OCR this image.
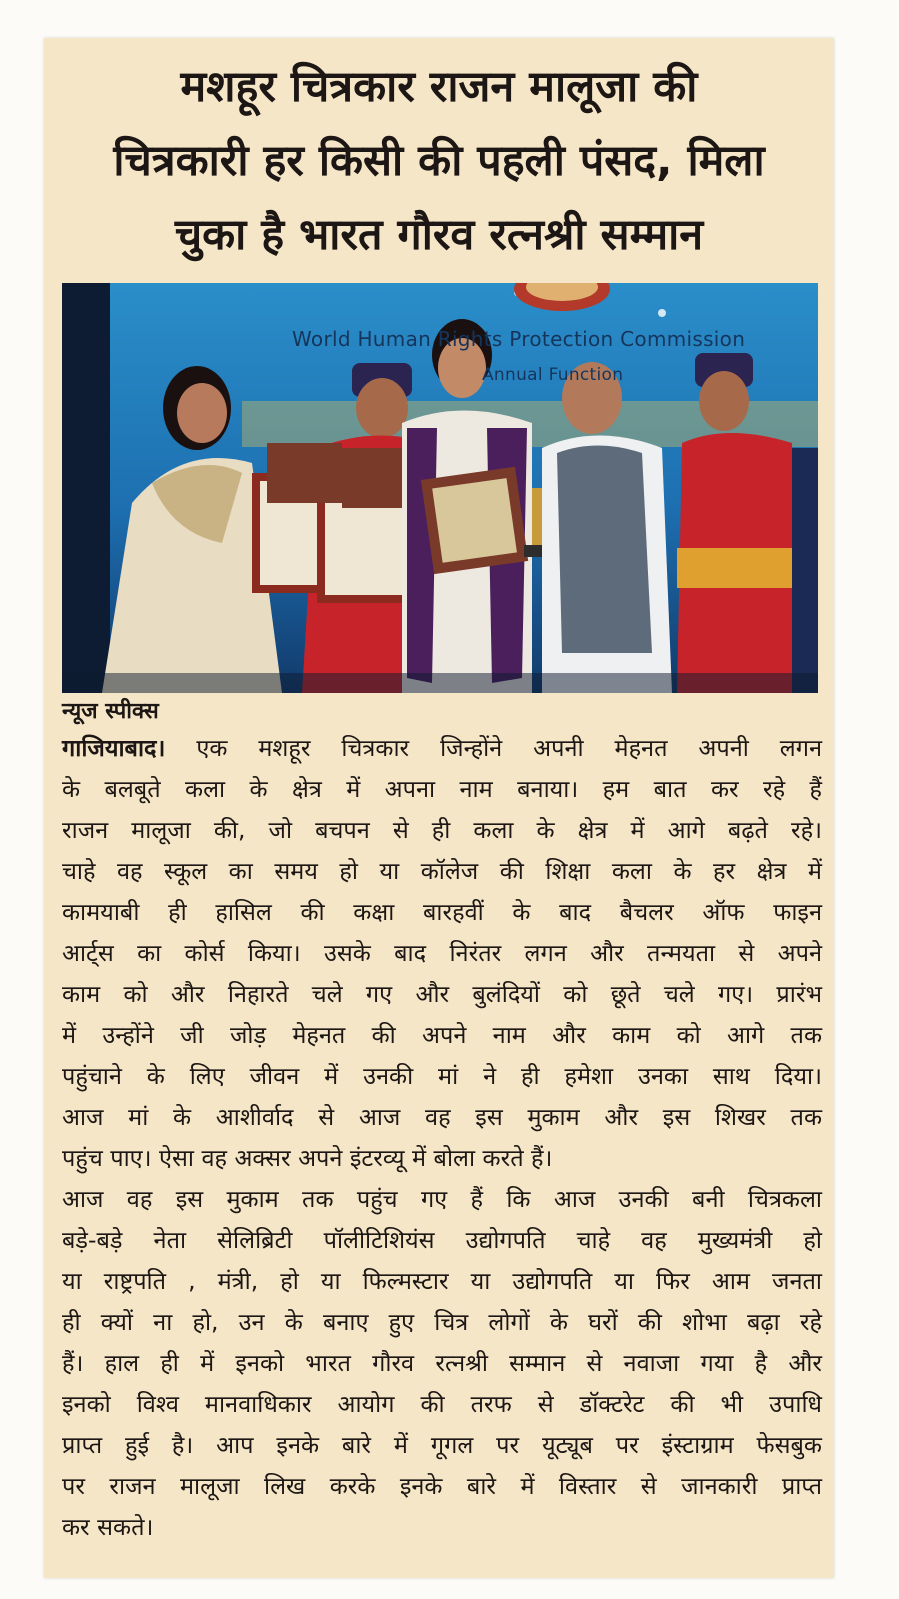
मशहूर चित्रकार राजन मालूजा की
चित्रकारी हर किसी की पहली पंसद, मिला
चुका है भारत गौरव रत्नश्री सम्मान
World Human Rights Protection Commission
Annual Function

न्यूज स्पीक्स

गाजियाबाद। एक मशहूर चित्रकार जिन्होंने अपनी मेहनत अपनी लगन
के बलबूते कला के क्षेत्र में अपना नाम बनाया। हम बात कर रहे हैं
राजन मालूजा की, जो बचपन से ही कला के क्षेत्र में आगे बढ़ते रहे।
चाहे वह स्कूल का समय हो या कॉलेज की शिक्षा कला के हर क्षेत्र में
कामयाबी ही हासिल की कक्षा बारहवीं के बाद बैचलर ऑफ फाइन
आर्ट्स का कोर्स किया। उसके बाद निरंतर लगन और तन्मयता से अपने
काम को और निहारते चले गए और बुलंदियों को छूते चले गए। प्रारंभ
में उन्होंने जी जोड़ मेहनत की अपने नाम और काम को आगे तक
पहुंचाने के लिए जीवन में उनकी मां ने ही हमेशा उनका साथ दिया।
आज मां के आशीर्वाद से आज वह इस मुकाम और इस शिखर तक
पहुंच पाए। ऐसा वह अक्सर अपने इंटरव्यू में बोला करते हैं।
आज वह इस मुकाम तक पहुंच गए हैं कि आज उनकी बनी चित्रकला
बड़े-बड़े नेता सेलिब्रिटी पॉलीटिशियंस उद्योगपति चाहे वह मुख्यमंत्री हो
या राष्ट्रपति , मंत्री, हो या फिल्मस्टार या उद्योगपति या फिर आम जनता
ही क्यों ना हो, उन के बनाए हुए चित्र लोगों के घरों की शोभा बढ़ा रहे
हैं। हाल ही में इनको भारत गौरव रत्नश्री सम्मान से नवाजा गया है और
इनको विश्व मानवाधिकार आयोग की तरफ से डॉक्टरेट की भी उपाधि
प्राप्त हुई है। आप इनके बारे में गूगल पर यूट्यूब पर इंस्टाग्राम फेसबुक
पर राजन मालूजा लिख करके इनके बारे में विस्तार से जानकारी प्राप्त
कर सकते।
